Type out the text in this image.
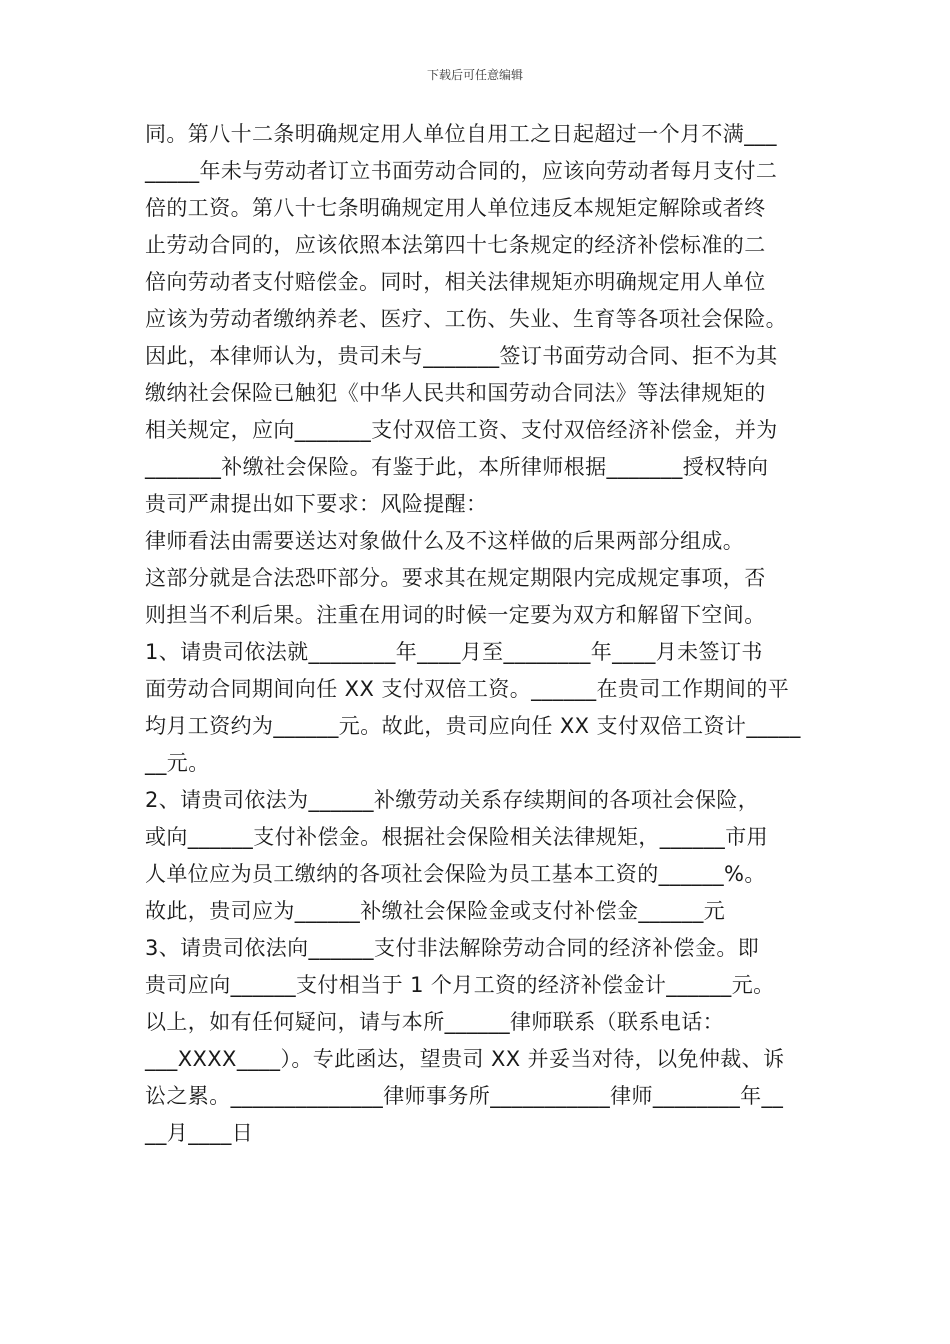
下载后可任意编辑
同。第八十二条明确规定用人单位自用工之日起超过一个月不满___
_____年未与劳动者订立书面劳动合同的，应该向劳动者每月支付二
倍的工资。第八十七条明确规定用人单位违反本规矩定解除或者终
止劳动合同的，应该依照本法第四十七条规定的经济补偿标准的二
倍向劳动者支付赔偿金。同时，相关法律规矩亦明确规定用人单位
应该为劳动者缴纳养老、医疗、工伤、失业、生育等各项社会保险。
因此，本律师认为，贵司未与_______签订书面劳动合同、拒不为其
缴纳社会保险已触犯《中华人民共和国劳动合同法》等法律规矩的
相关规定，应向_______支付双倍工资、支付双倍经济补偿金，并为
_______补缴社会保险。有鉴于此，本所律师根据_______授权特向
贵司严肃提出如下要求：风险提醒：
律师看法由需要送达对象做什么及不这样做的后果两部分组成。
这部分就是合法恐吓部分。要求其在规定期限内完成规定事项，否
则担当不利后果。注重在用词的时候一定要为双方和解留下空间。
1、请贵司依法就________年____月至________年____月未签订书
面劳动合同期间向任 XX 支付双倍工资。______在贵司工作期间的平
均月工资约为______元。故此，贵司应向任 XX 支付双倍工资计_____
__元。
2、请贵司依法为______补缴劳动关系存续期间的各项社会保险，
或向______支付补偿金。根据社会保险相关法律规矩，______市用
人单位应为员工缴纳的各项社会保险为员工基本工资的______%。
故此，贵司应为______补缴社会保险金或支付补偿金______元
3、请贵司依法向______支付非法解除劳动合同的经济补偿金。即
贵司应向______支付相当于 1 个月工资的经济补偿金计______元。
以上，如有任何疑问，请与本所______律师联系（联系电话：
___XXXX____）。专此函达，望贵司 XX 并妥当对待，以免仲裁、诉
讼之累。______________律师事务所___________律师________年__
__月____日
